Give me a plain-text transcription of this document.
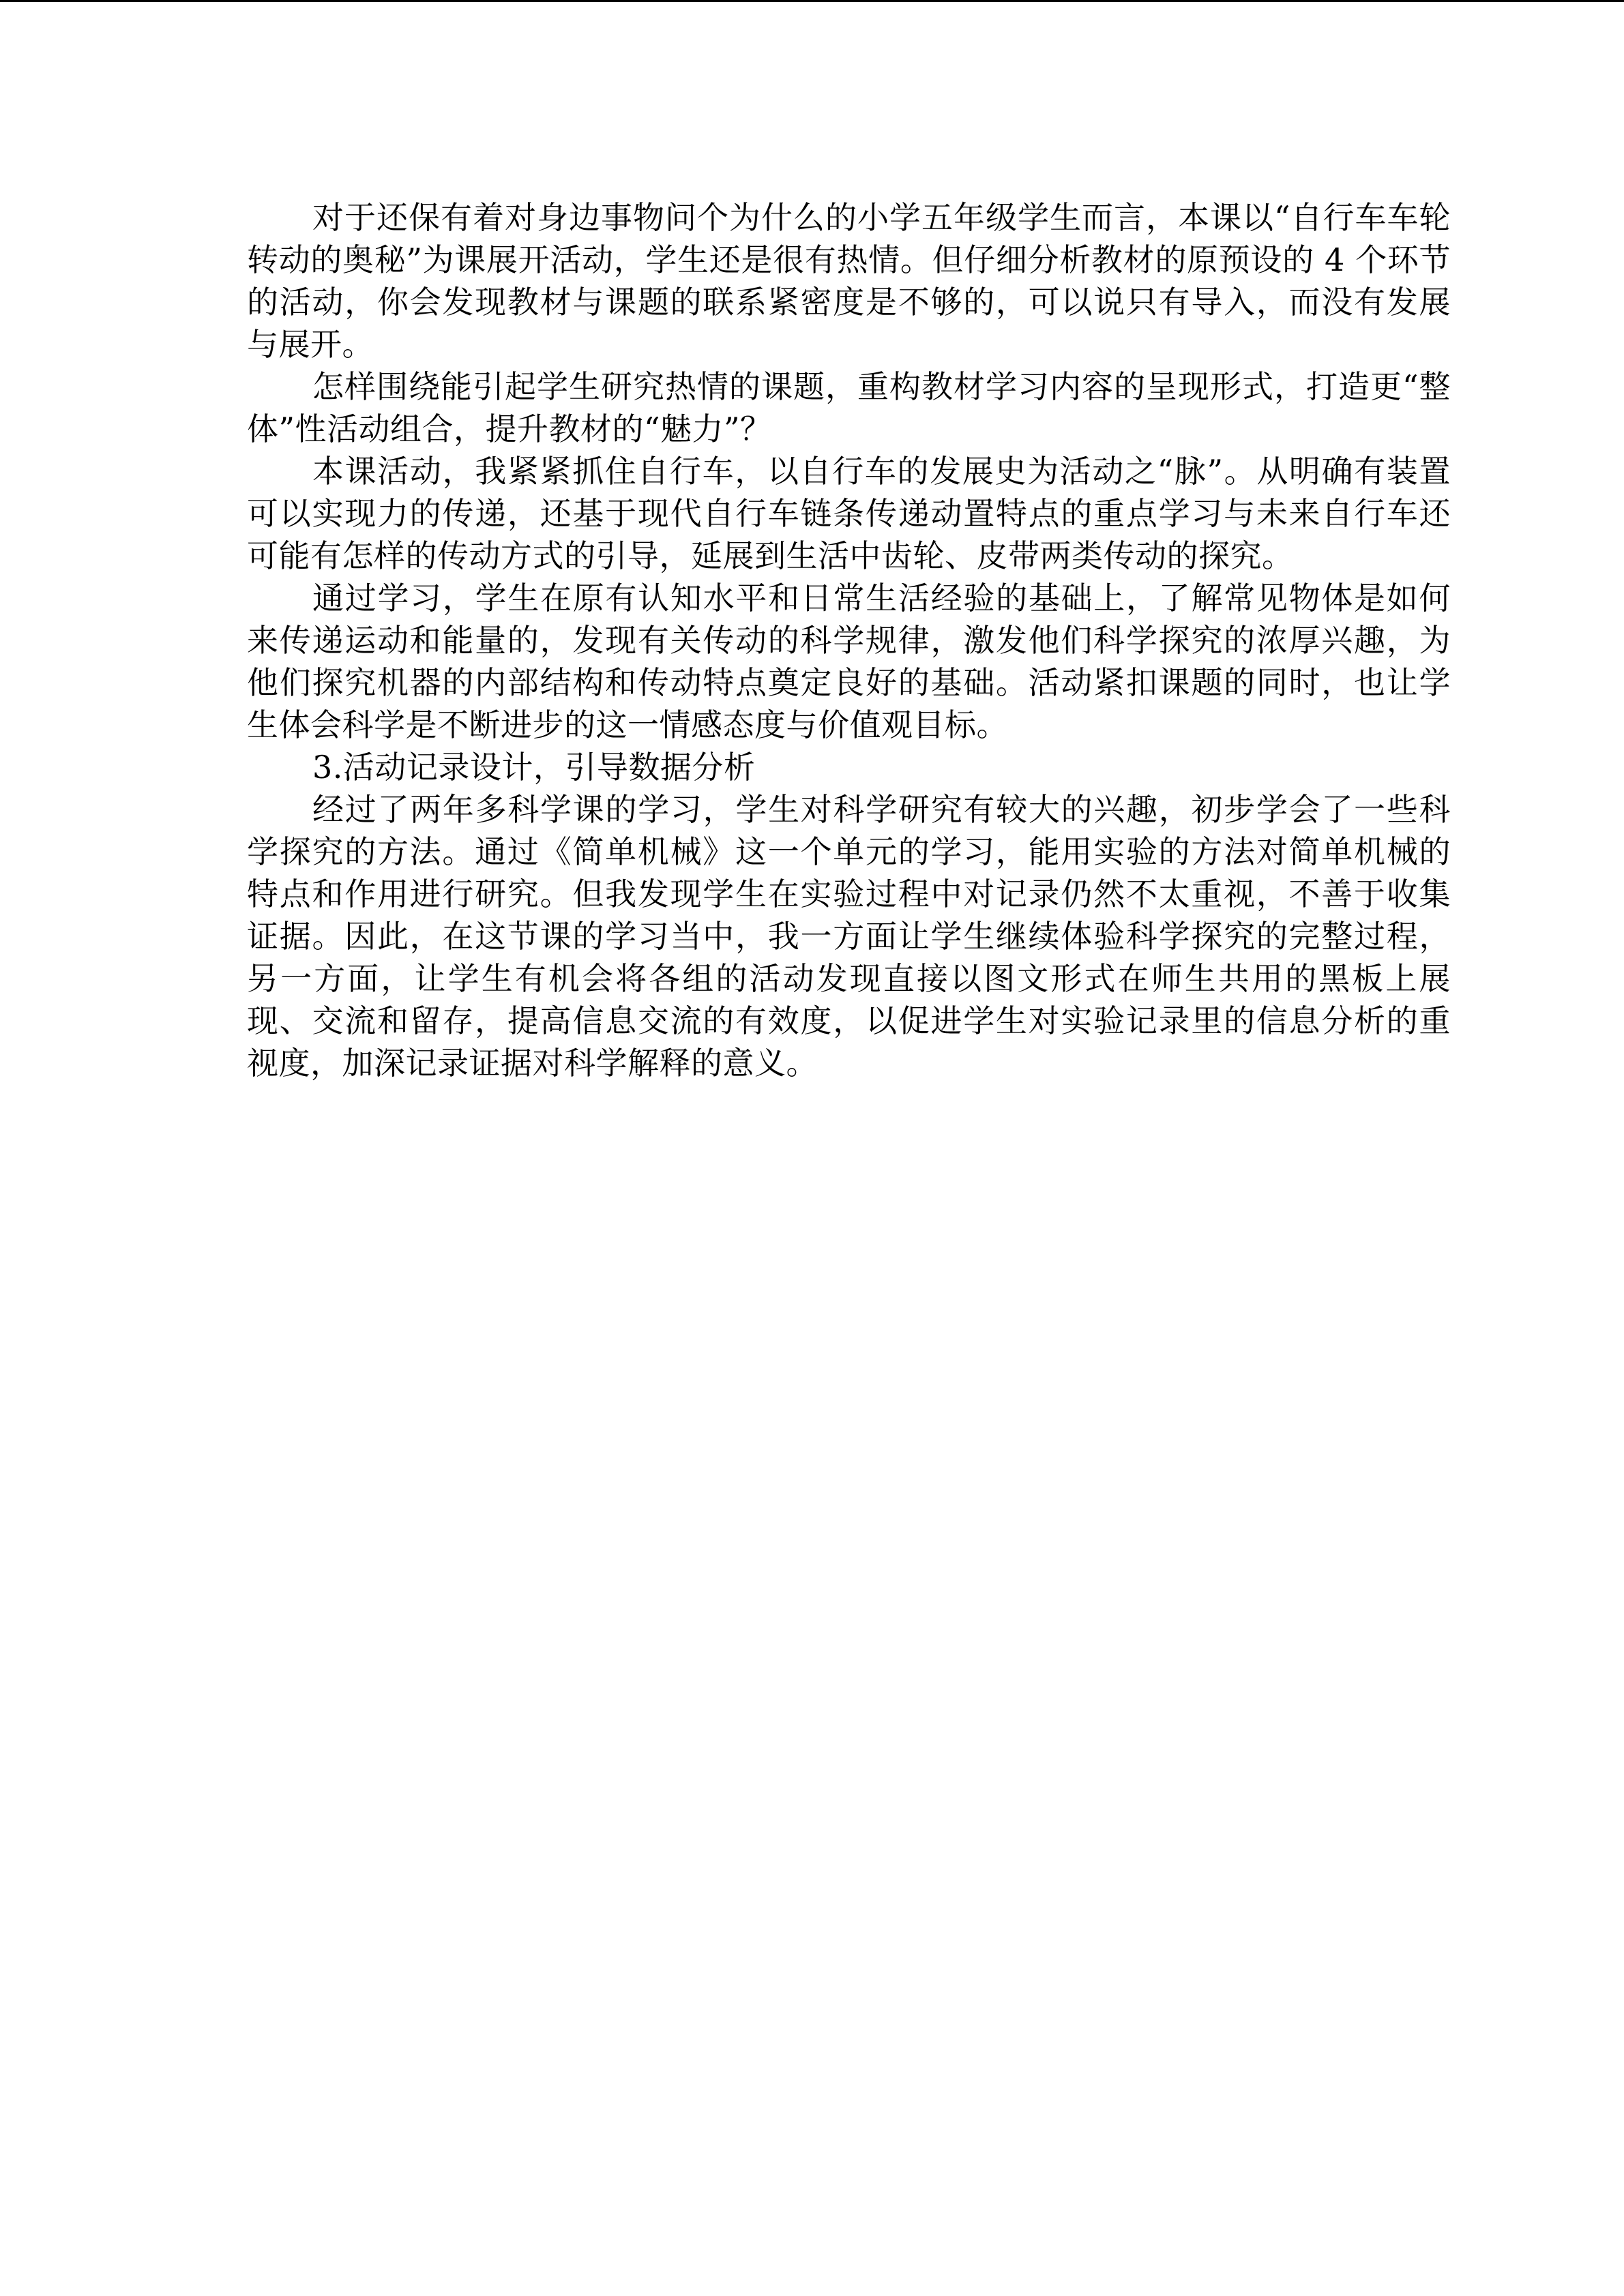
对于还保有着对身边事物问个为什么的小学五年级学生而言，本课以“自行车车轮转动的奥秘”为课展开活动，学生还是很有热情。但仔细分析教材的原预设的 4 个环节的活动，你会发现教材与课题的联系紧密度是不够的，可以说只有导入，而没有发展与展开。

怎样围绕能引起学生研究热情的课题，重构教材学习内容的呈现形式，打造更“整体”性活动组合，提升教材的“魅力”？

本课活动，我紧紧抓住自行车，以自行车的发展史为活动之“脉”。从明确有装置可以实现力的传递，还基于现代自行车链条传递动置特点的重点学习与未来自行车还可能有怎样的传动方式的引导，延展到生活中齿轮、皮带两类传动的探究。

通过学习，学生在原有认知水平和日常生活经验的基础上，了解常见物体是如何来传递运动和能量的，发现有关传动的科学规律，激发他们科学探究的浓厚兴趣，为他们探究机器的内部结构和传动特点奠定良好的基础。活动紧扣课题的同时，也让学生体会科学是不断进步的这一情感态度与价值观目标。

3.活动记录设计，引导数据分析

经过了两年多科学课的学习，学生对科学研究有较大的兴趣，初步学会了一些科学探究的方法。通过《简单机械》这一个单元的学习，能用实验的方法对简单机械的特点和作用进行研究。但我发现学生在实验过程中对记录仍然不太重视，不善于收集证据。因此，在这节课的学习当中，我一方面让学生继续体验科学探究的完整过程，另一方面，让学生有机会将各组的活动发现直接以图文形式在师生共用的黑板上展现、交流和留存，提高信息交流的有效度，以促进学生对实验记录里的信息分析的重视度，加深记录证据对科学解释的意义。
